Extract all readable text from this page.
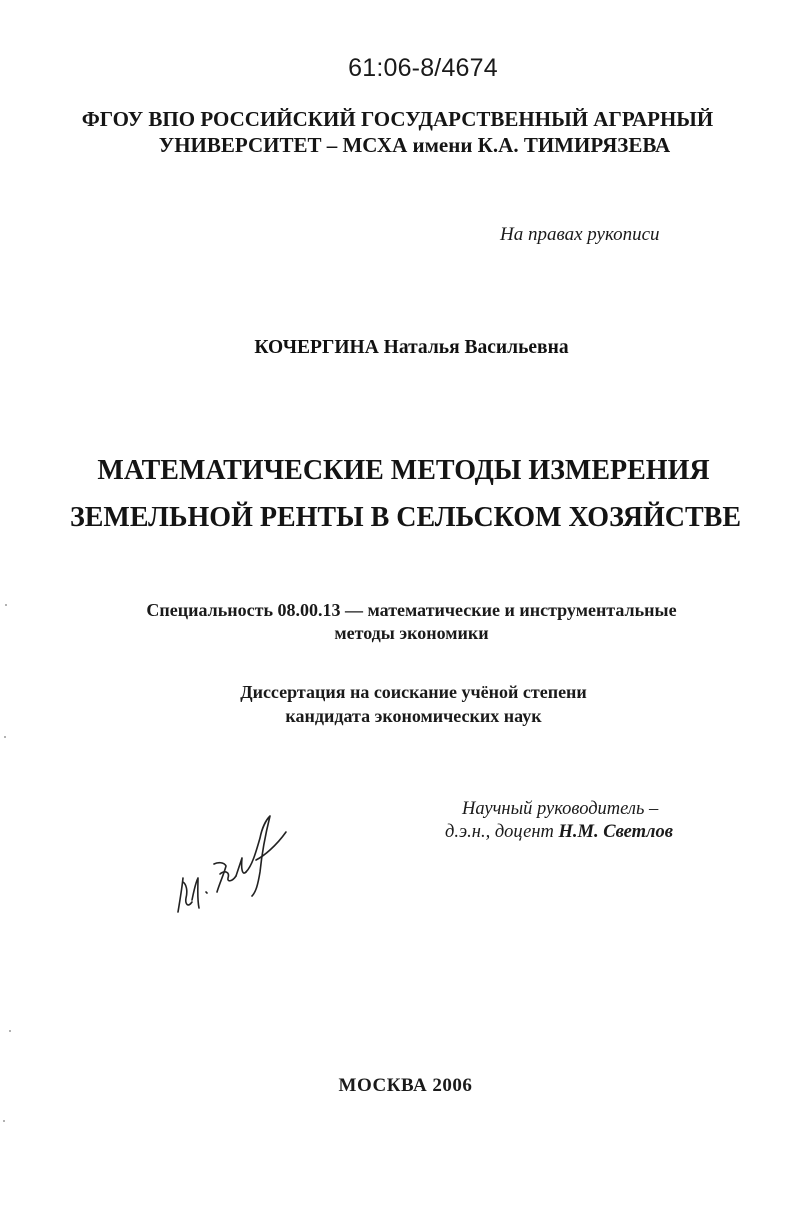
61:06-8/4674
ФГОУ ВПО РОССИЙСКИЙ ГОСУДАРСТВЕННЫЙ АГРАРНЫЙ
УНИВЕРСИТЕТ – МСХА имени К.А. ТИМИРЯЗЕВА
На правах рукописи
КОЧЕРГИНА Наталья Васильевна
МАТЕМАТИЧЕСКИЕ МЕТОДЫ ИЗМЕРЕНИЯ
ЗЕМЕЛЬНОЙ РЕНТЫ В СЕЛЬСКОМ ХОЗЯЙСТВЕ
Специальность 08.00.13 — математические и инструментальные
методы экономики
Диссертация на соискание учёной степени
кандидата экономических наук
Научный руководитель –
д.э.н., доцент Н.М. Светлов
МОСКВА 2006
